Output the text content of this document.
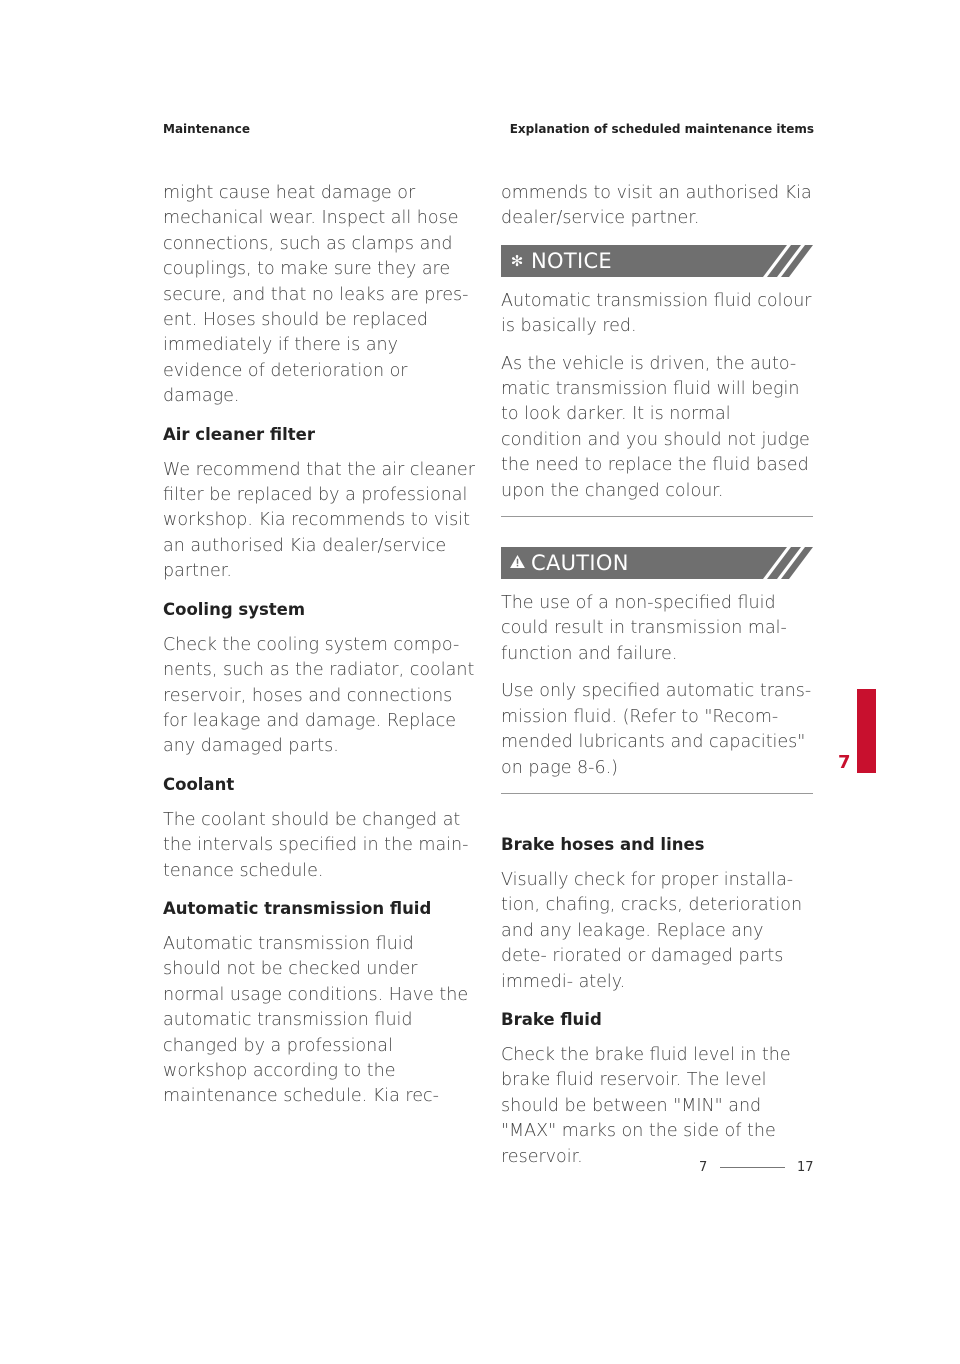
Maintenance	Explanation of scheduled maintenance items

might cause heat damage or mechanical wear. Inspect all hose connections, such as clamps and couplings, to make sure they are secure, and that no leaks are pres- ent. Hoses should be replaced immediately if there is any evidence of deterioration or damage.

Air cleaner filter

We recommend that the air cleaner filter be replaced by a professional workshop. Kia recommends to visit an authorised Kia dealer/service partner.

Cooling system

Check the cooling system compo- nents, such as the radiator, coolant reservoir, hoses and connections for leakage and damage. Replace any damaged parts.

Coolant

The coolant should be changed at the intervals specified in the main- tenance schedule.

Automatic transmission fluid

Automatic transmission fluid should not be checked under normal usage conditions. Have the automatic transmission fluid changed by a professional workshop according to the maintenance schedule. Kia rec-

ommends to visit an authorised Kia dealer/service partner.

✻ NOTICE

Automatic transmission fluid colour is basically red.

As the vehicle is driven, the auto- matic transmission fluid will begin to look darker. It is normal condition and you should not judge the need to replace the fluid based upon the changed colour.

CAUTION

The use of a non-specified fluid could result in transmission mal- function and failure.

Use only specified automatic trans- mission fluid. (Refer to "Recom- mended lubricants and capacities" on page 8-6.)

Brake hoses and lines

Visually check for proper installa- tion, chafing, cracks, deterioration and any leakage. Replace any dete- riorated or damaged parts immedi- ately.

Brake fluid

Check the brake fluid level in the brake fluid reservoir. The level should be between "MIN" and "MAX" marks on the side of the reservoir.

7
7	17
